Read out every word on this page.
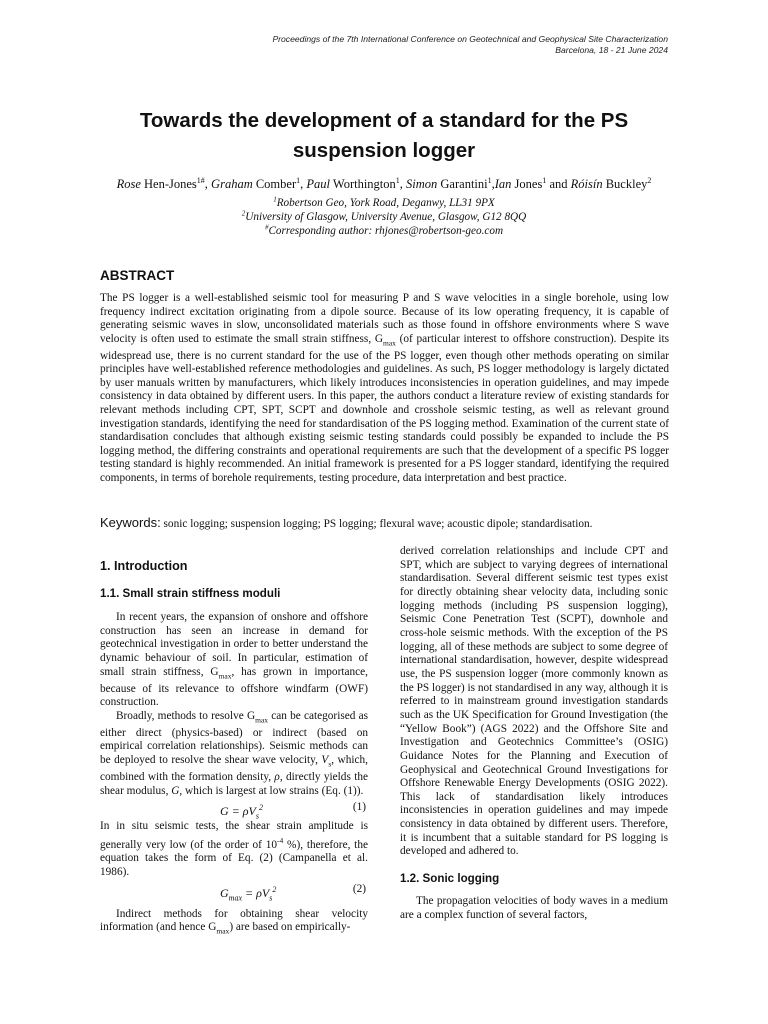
Proceedings of the 7th International Conference on Geotechnical and Geophysical Site Characterization
Barcelona, 18 - 21 June 2024
Towards the development of a standard for the PS
suspension logger
Rose Hen-Jones$^{1\#}$, Graham Comber$^1$, Paul Worthington$^1$, Simon Garantini$^1$,Ian Jones$^1$ and Róisín Buckley$^2$
$^1$Robertson Geo, York Road, Deganwy, LL31 9PX
$^2$University of Glasgow, University Avenue, Glasgow, G12 8QQ
#Corresponding author: rhjones@robertson-geo.com
ABSTRACT
The PS logger is a well-established seismic tool for measuring P and S wave velocities in a single borehole, using low frequency indirect excitation originating from a dipole source. Because of its low operating frequency, it is capable of generating seismic waves in slow, unconsolidated materials such as those found in offshore environments where S wave velocity is often used to estimate the small strain stiffness, $G_{max}$ (of particular interest to offshore construction). Despite its widespread use, there is no current standard for the use of the PS logger, even though other methods operating on similar principles have well-established reference methodologies and guidelines. As such, PS logger methodology is largely dictated by user manuals written by manufacturers, which likely introduces inconsistencies in operation guidelines, and may impede consistency in data obtained by different users. In this paper, the authors conduct a literature review of existing standards for relevant methods including CPT, SPT, SCPT and downhole and crosshole seismic testing, as well as relevant ground investigation standards, identifying the need for standardisation of the PS logging method. Examination of the current state of standardisation concludes that although existing seismic testing standards could possibly be expanded to include the PS logging method, the differing constraints and operational requirements are such that the development of a specific PS logger testing standard is highly recommended. An initial framework is presented for a PS logger standard, identifying the required components, in terms of borehole requirements, testing procedure, data interpretation and best practice.
Keywords: sonic logging; suspension logging; PS logging; flexural wave; acoustic dipole; standardisation.
1. Introduction
1.1. Small strain stiffness moduli

In recent years, the expansion of onshore and offshore construction has seen an increase in demand for geotechnical investigation in order to better understand the dynamic behaviour of soil. In particular, estimation of small strain stiffness, $G_{max}$, has grown in importance, because of its relevance to offshore windfarm (OWF) construction.

Broadly, methods to resolve $G_{max}$ can be categorised as either direct (physics-based) or indirect (based on empirical correlation relationships). Seismic methods can be deployed to resolve the shear wave velocity, $V_s$, which, combined with the formation density, ρ, directly yields the shear modulus, G, which is largest at low strains (Eq. (1)).

$G = \rho V_s^2$	(1)

In in situ seismic tests, the shear strain amplitude is generally very low (of the order of $10^{-4}$ %), therefore, the equation takes the form of Eq. (2) (Campanella et al. 1986).

$G_{max} = \rho V_s^2$	(2)

Indirect methods for obtaining shear velocity information (and hence $G_{max}$) are based on empirically-

derived correlation relationships and include CPT and SPT, which are subject to varying degrees of international standardisation. Several different seismic test types exist for directly obtaining shear velocity data, including sonic logging methods (including PS suspension logging), Seismic Cone Penetration Test (SCPT), downhole and cross-hole seismic methods. With the exception of the PS logging, all of these methods are subject to some degree of international standardisation, however, despite widespread use, the PS suspension logger (more commonly known as the PS logger) is not standardised in any way, although it is referred to in mainstream ground investigation standards such as the UK Specification for Ground Investigation (the “Yellow Book”) (AGS 2022) and the Offshore Site and Investigation and Geotechnics Committee’s (OSIG) Guidance Notes for the Planning and Execution of Geophysical and Geotechnical Ground Investigations for Offshore Renewable Energy Developments (OSIG 2022). This lack of standardisation likely introduces inconsistencies in operation guidelines and may impede consistency in data obtained by different users. Therefore, it is incumbent that a suitable standard for PS logging is developed and adhered to.

1.2. Sonic logging

The propagation velocities of body waves in a medium are a complex function of several factors,
